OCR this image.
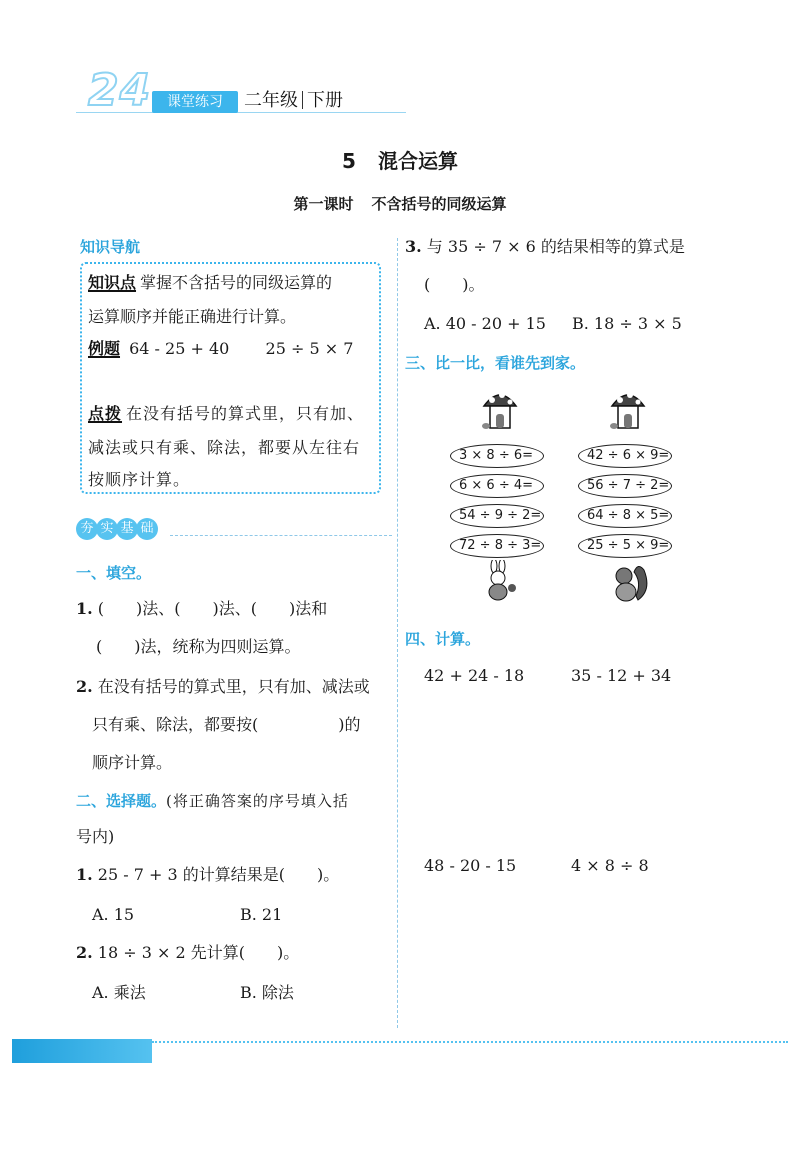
24	课堂练习	二年级 下册
5 混合运算
第一课时 不含括号的同级运算
知识导航
知识点 掌握不含括号的同级运算的
运算顺序并能正确进行计算。
例题 64 - 25 + 40 25 ÷ 5 × 7
点拨 在没有括号的算式里，只有加、
减法或只有乘、除法，都要从左往右
按顺序计算。
夯 实 基 础
一、填空。
1. (　　)法、(　　)法、(　　)法和
(　　)法，统称为四则运算。
2. 在没有括号的算式里，只有加、减法或
只有乘、除法，都要按(　　　　　)的
顺序计算。
二、选择题。(将正确答案的序号填入括
号内)
1. 25 - 7 + 3 的计算结果是(　　)。
A. 15	B. 21
2. 18 ÷ 3 × 2 先计算(　　)。
A. 乘法	B. 除法
3. 与 35 ÷ 7 × 6 的结果相等的算式是
(　　)。
A. 40 - 20 + 15 B. 18 ÷ 3 × 5
三、比一比，看谁先到家。
3 × 8 ÷ 6=
6 × 6 ÷ 4=
54 ÷ 9 ÷ 2=
72 ÷ 8 ÷ 3=
42 ÷ 6 × 9=
56 ÷ 7 ÷ 2=
64 ÷ 8 × 5=
25 ÷ 5 × 9=
四、计算。
42 + 24 - 18	35 - 12 + 34
48 - 20 - 15	4 × 8 ÷ 8
